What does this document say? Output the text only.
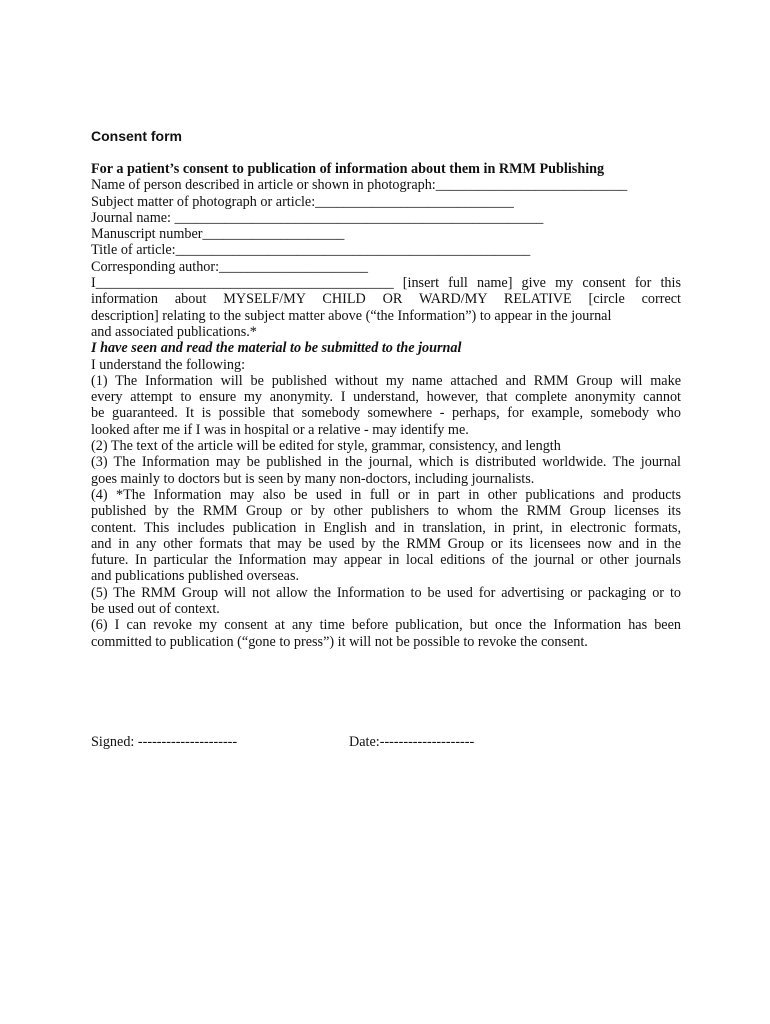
Consent form
For a patient’s consent to publication of information about them in RMM Publishing
Name of person described in article or shown in photograph:___________________________
Subject matter of photograph or article:____________________________
Journal name: ____________________________________________________
Manuscript number____________________
Title of article:__________________________________________________
Corresponding author:_____________________
I__________________________________________ [insert full name] give my consent for this
information about MYSELF/MY CHILD OR WARD/MY RELATIVE [circle correct
description] relating to the subject matter above (“the Information”) to appear in the journal
and associated publications.*
I have seen and read the material to be submitted to the journal
I understand the following:
(1) The Information will be published without my name attached and RMM Group will make
every attempt to ensure my anonymity. I understand, however, that complete anonymity cannot
be guaranteed. It is possible that somebody somewhere - perhaps, for example, somebody who
looked after me if I was in hospital or a relative - may identify me.
(2) The text of the article will be edited for style, grammar, consistency, and length
(3) The Information may be published in the journal, which is distributed worldwide. The journal
goes mainly to doctors but is seen by many non-doctors, including journalists.
(4) *The Information may also be used in full or in part in other publications and products
published by the RMM Group or by other publishers to whom the RMM Group licenses its
content. This includes publication in English and in translation, in print, in electronic formats,
and in any other formats that may be used by the RMM Group or its licensees now and in the
future. In particular the Information may appear in local editions of the journal or other journals
and publications published overseas.
(5) The RMM Group will not allow the Information to be used for advertising or packaging or to
be used out of context.
(6) I can revoke my consent at any time before publication, but once the Information has been
committed to publication (“gone to press”) it will not be possible to revoke the consent.
Signed: ---------------------	Date:--------------------
